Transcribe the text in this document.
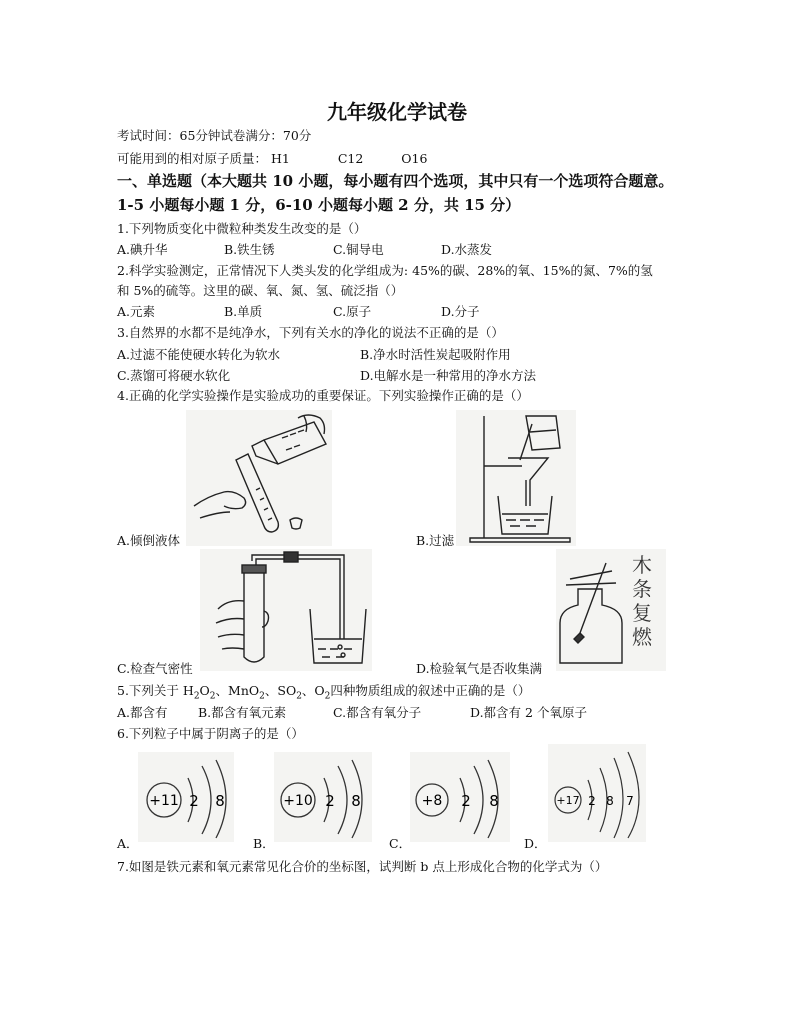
九年级化学试卷
考试时间：65分钟试卷满分：70分
可能用到的相对原子质量： H1	C12	O16
一、单选题（本大题共 10 小题，每小题有四个选项，其中只有一个选项符合题意。
1-5 小题每小题 1 分，6-10 小题每小题 2 分，共 15 分）
1.下列物质变化中微粒种类发生改变的是（）
A.碘升华	B.铁生锈	C.铜导电	D.水蒸发
2.科学实验测定，正常情况下人类头发的化学组成为: 45%的碳、28%的氧、15%的氮、7%的氢
和 5%的硫等。这里的碳、氧、氮、氢、硫泛指（）
A.元素	B.单质	C.原子	D.分子
3.自然界的水都不是纯净水，下列有关水的净化的说法不正确的是（）
A.过滤不能使硬水转化为软水	B.净水时活性炭起吸附作用
C.蒸馏可将硬水软化	D.电解水是一种常用的净水方法
4.正确的化学实验操作是实验成功的重要保证。下列实验操作正确的是（）
A.倾倒液体	B.过滤
C.检查气密性
木
条
复
燃
D.检验氧气是否收集满
5.下列关于 $H_2O_2$、MnO$_2$、$SO_2$、$O_2$四种物质组成的叙述中正确的是（）
A.都含有 B.都含有氧元素	C.都含有氧分子	D.都含有 2 个氧原子
6.下列粒子中属于阴离子的是（）
+11 2 8	+10 2 8	+8 2 8	+17 2 8 7
A．	B．	C．	D．
7.如图是铁元素和氧元素常见化合价的坐标图，试判断 b 点上形成化合物的化学式为（）
